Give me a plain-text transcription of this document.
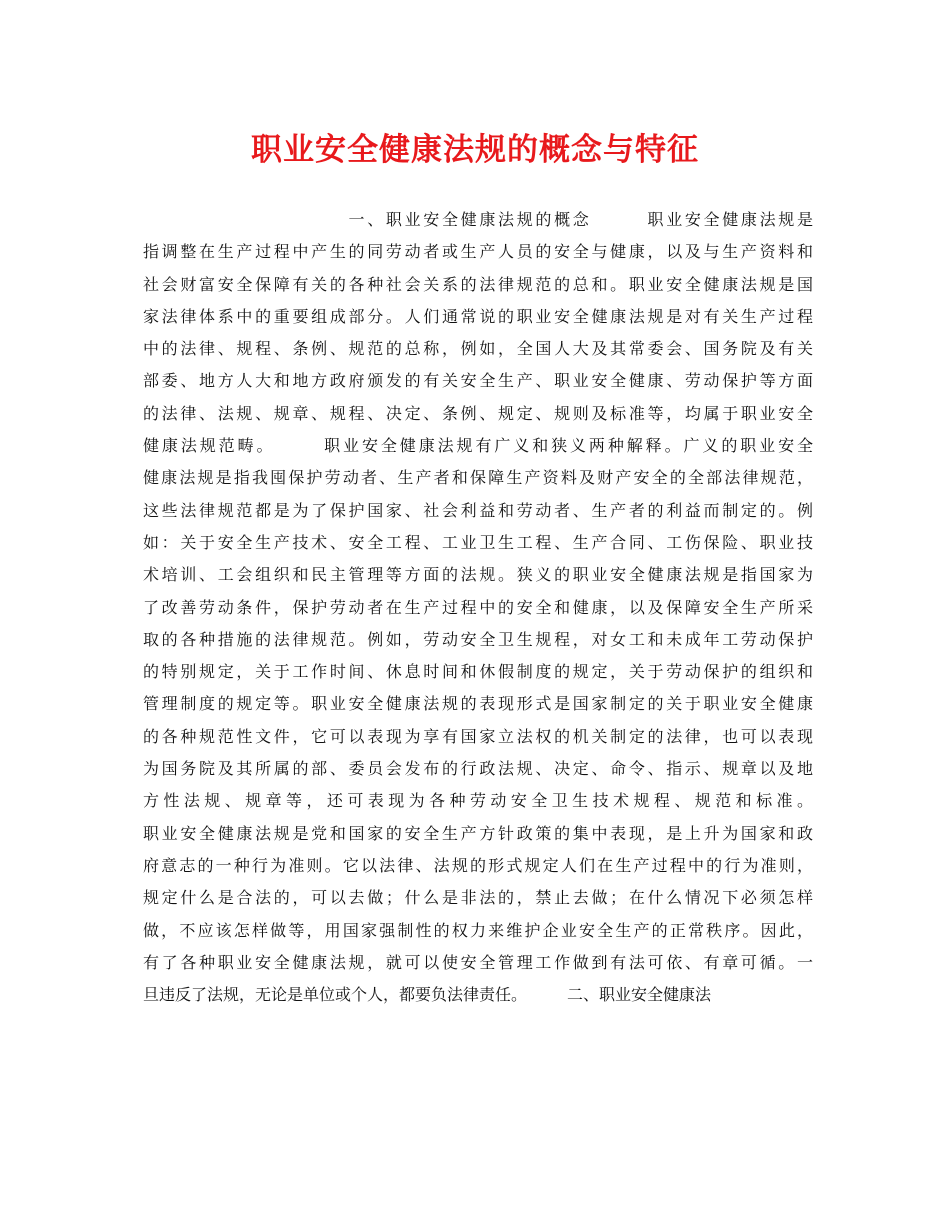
职业安全健康法规的概念与特征
　　　　　　　　　　　一、职业安全健康法规的概念　　　职业安全健康法规是
指调整在生产过程中产生的同劳动者或生产人员的安全与健康，以及与生产资料和
社会财富安全保障有关的各种社会关系的法律规范的总和。职业安全健康法规是国
家法律体系中的重要组成部分。人们通常说的职业安全健康法规是对有关生产过程
中的法律、规程、条例、规范的总称，例如，全国人大及其常委会、国务院及有关
部委、地方人大和地方政府颁发的有关安全生产、职业安全健康、劳动保护等方面
的法律、法规、规章、规程、决定、条例、规定、规则及标准等，均属于职业安全
健康法规范畴。　　　职业安全健康法规有广义和狭义两种解释。广义的职业安全
健康法规是指我囤保护劳动者、生产者和保障生产资料及财产安全的全部法律规范，
这些法律规范都是为了保护国家、社会利益和劳动者、生产者的利益而制定的。例
如：关于安全生产技术、安全工程、工业卫生工程、生产合同、工伤保险、职业技
术培训、工会组织和民主管理等方面的法规。狭义的职业安全健康法规是指国家为
了改善劳动条件，保护劳动者在生产过程中的安全和健康，以及保障安全生产所采
取的各种措施的法律规范。例如，劳动安全卫生规程，对女工和未成年工劳动保护
的特别规定，关于工作时间、休息时间和休假制度的规定，关于劳动保护的组织和
管理制度的规定等。职业安全健康法规的表现形式是国家制定的关于职业安全健康
的各种规范性文件，它可以表现为享有国家立法权的机关制定的法律，也可以表现
为国务院及其所属的部、委员会发布的行政法规、决定、命令、指示、规章以及地
方性法规、规章等，还可表现为各种劳动安全卫生技术规程、规范和标准。
职业安全健康法规是党和国家的安全生产方针政策的集中表现，是上升为国家和政
府意志的一种行为准则。它以法律、法规的形式规定人们在生产过程中的行为准则，
规定什么是合法的，可以去做；什么是非法的，禁止去做；在什么情况下必须怎样
做，不应该怎样做等，用国家强制性的权力来维护企业安全生产的正常秩序。因此，
有了各种职业安全健康法规，就可以使安全管理工作做到有法可依、有章可循。一
旦违反了法规，无论是单位或个人，都要负法律责任。　　　二、职业安全健康法
